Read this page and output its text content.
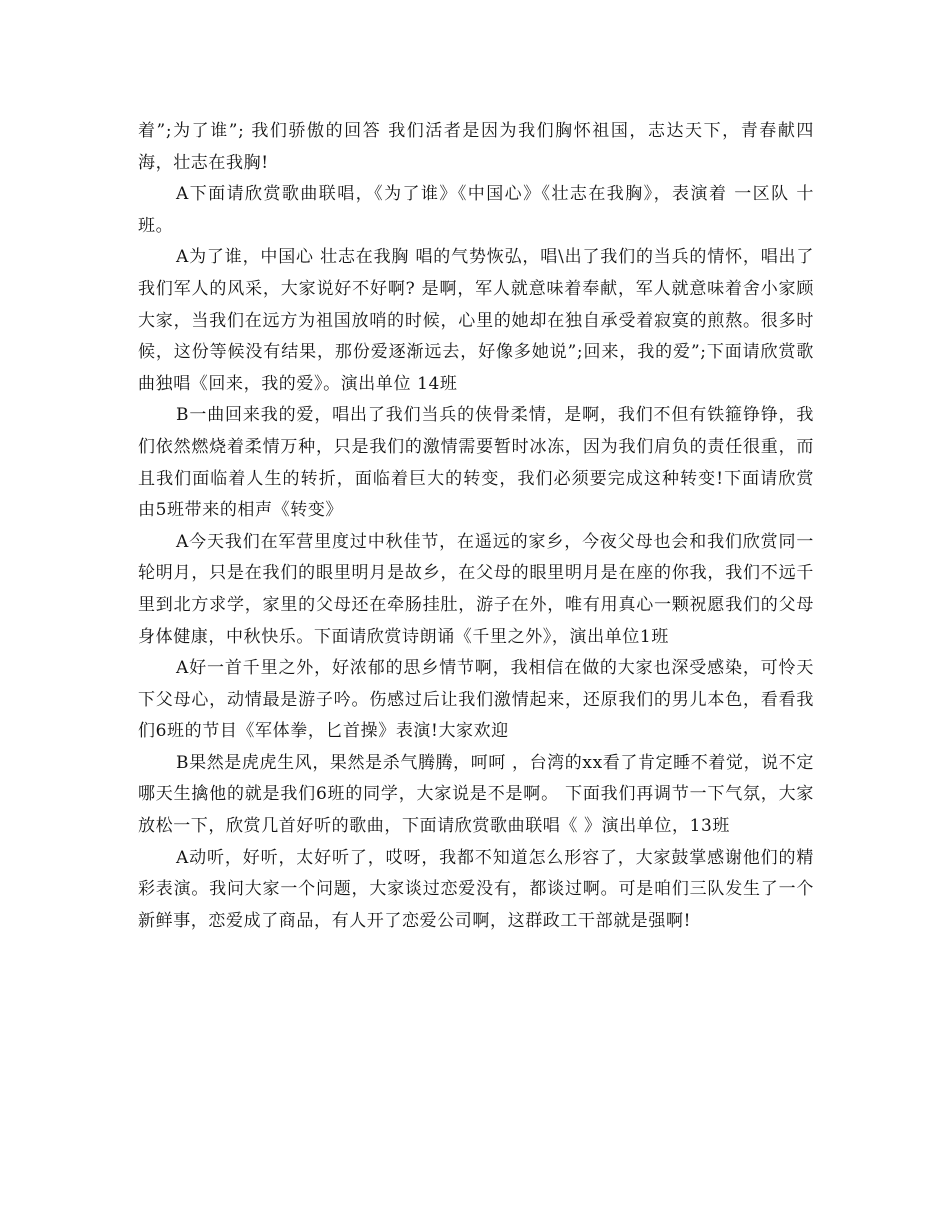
着”;为了谁”; 我们骄傲的回答 我们活者是因为我们胸怀祖国，志达天下，青春献四海，壮志在我胸!

A下面请欣赏歌曲联唱，《为了谁》《中国心》《壮志在我胸》，表演着 一区队 十班。

A为了谁，中国心 壮志在我胸 唱的气势恢弘，唱\出了我们的当兵的情怀，唱出了我们军人的风采，大家说好不好啊? 是啊，军人就意味着奉献，军人就意味着舍小家顾大家，当我们在远方为祖国放哨的时候，心里的她却在独自承受着寂寞的煎熬。很多时候，这份等候没有结果，那份爱逐渐远去，好像多她说”;回来，我的爱”;下面请欣赏歌曲独唱《回来，我的爱》。演出单位 14班

B一曲回来我的爱，唱出了我们当兵的侠骨柔情，是啊，我们不但有铁箍铮铮，我们依然燃烧着柔情万种，只是我们的激情需要暂时冰冻，因为我们肩负的责任很重，而且我们面临着人生的转折，面临着巨大的转变，我们必须要完成这种转变!下面请欣赏由5班带来的相声《转变》

A今天我们在军营里度过中秋佳节，在遥远的家乡，今夜父母也会和我们欣赏同一轮明月，只是在我们的眼里明月是故乡，在父母的眼里明月是在座的你我，我们不远千里到北方求学，家里的父母还在牵肠挂肚，游子在外，唯有用真心一颗祝愿我们的父母身体健康，中秋快乐。下面请欣赏诗朗诵《千里之外》，演出单位1班

A好一首千里之外，好浓郁的思乡情节啊，我相信在做的大家也深受感染，可怜天下父母心，动情最是游子吟。伤感过后让我们激情起来，还原我们的男儿本色，看看我们6班的节目《军体拳，匕首操》表演!大家欢迎

B果然是虎虎生风，果然是杀气腾腾，呵呵 ，台湾的xx看了肯定睡不着觉，说不定哪天生擒他的就是我们6班的同学，大家说是不是啊。 下面我们再调节一下气氛，大家放松一下，欣赏几首好听的歌曲，下面请欣赏歌曲联唱《 》演出单位，13班

A动听，好听，太好听了，哎呀，我都不知道怎么形容了，大家鼓掌感谢他们的精彩表演。我问大家一个问题，大家谈过恋爱没有，都谈过啊。可是咱们三队发生了一个新鲜事，恋爱成了商品，有人开了恋爱公司啊，这群政工干部就是强啊!
